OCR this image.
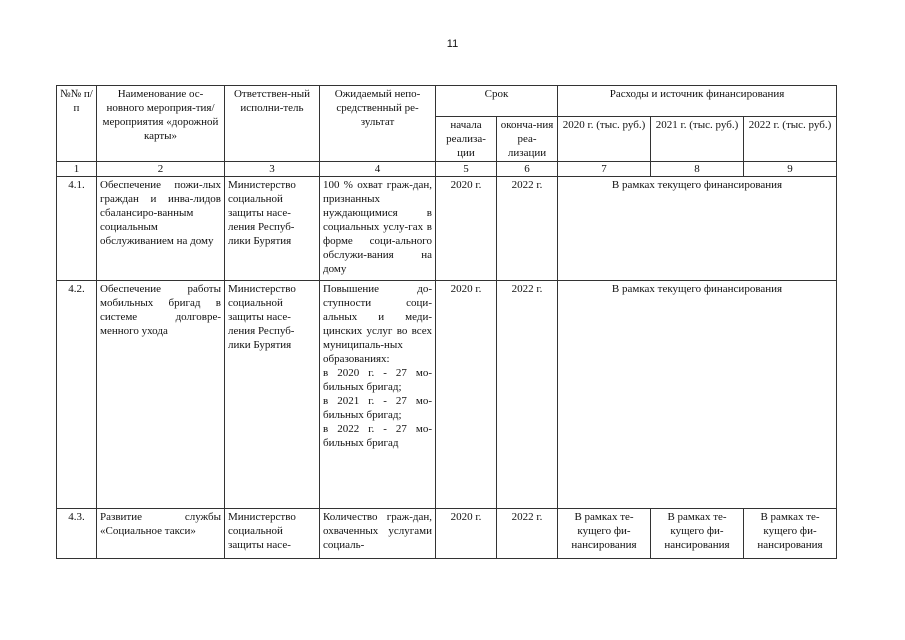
11
№№ п/п	Наименование ос-новного мероприя-тия/мероприятия «дорожной карты»	Ответствен-ный исполни-тель	Ожидаемый непо-средственный ре-зультат	Срок		Расходы и источник финансирования		
				начала реализа-ции	оконча-ния реа-лизации	2020 г. (тыс. руб.)	2021 г. (тыс. руб.)	2022 г. (тыс. руб.)
1	2	3	4	5	6	7	8	9
4.1.	Обеспечение пожи-лых граждан и инва-лидов сбалансиро-ванным социальным обслуживанием на дому	Министерство социальной защиты насе-ления Респуб-лики Бурятия	100 % охват граж-дан, признанных нуждающимися в социальных услу-гах в форме соци-ального обслужи-вания на дому	2020 г.	2022 г.	В рамках текущего финансирования		
4.2.	Обеспечение работы мобильных бригад в системе долговре-менного ухода	Министерство социальной защиты насе-ления Респуб-лики Бурятия	Повышение до-ступности соци-альных и меди-цинских услуг во всех муниципаль-ных образованиях:
в 2020 г. - 27 мо-бильных бригад;
в 2021 г. - 27 мо-бильных бригад;
в 2022 г. - 27 мо-бильных бригад	2020 г.	2022 г.	В рамках текущего финансирования		
4.3.	Развитие службы «Социальное такси»	Министерство социальной защиты насе-	Количество граж-дан, охваченных услугами социаль-	2020 г.	2022 г.	В рамках те-кущего фи-нансирования	В рамках те-кущего фи-нансирования	В рамках те-кущего фи-нансирования
